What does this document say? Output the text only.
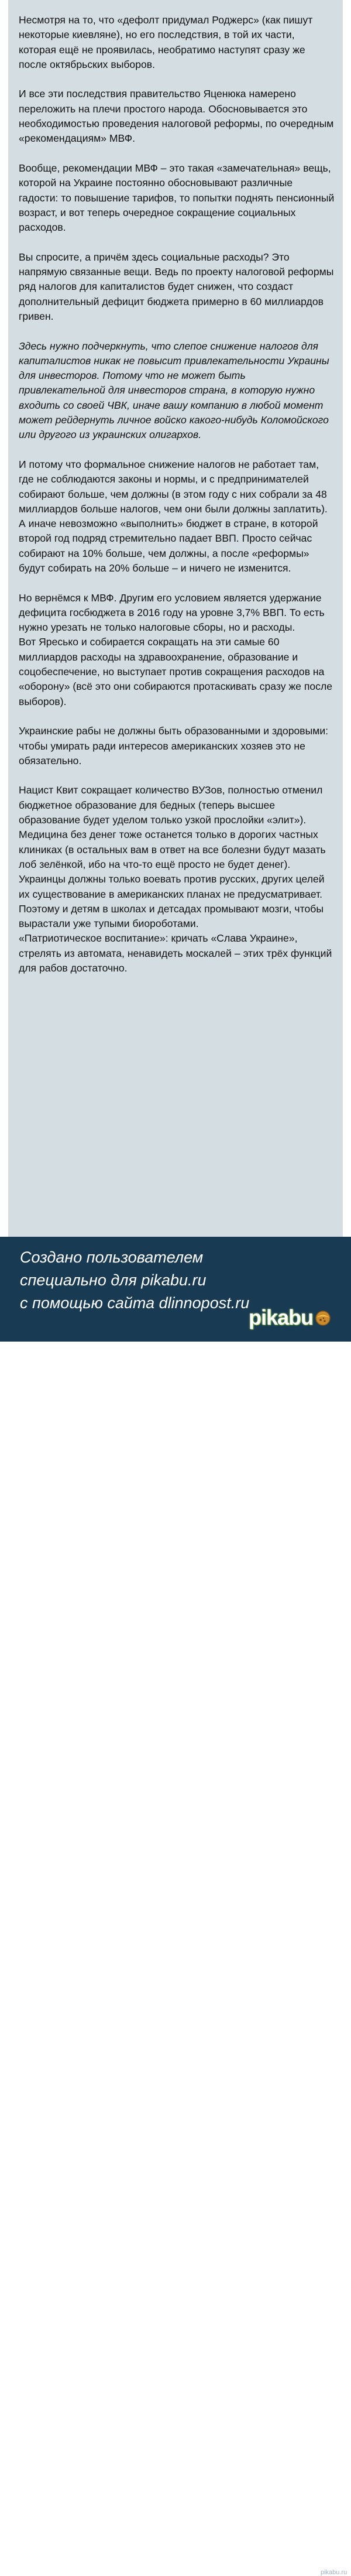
Несмотря на то, что «дефолт придумал Роджерс» (как пишут некоторые киевляне), но его последствия, в той их части, которая ещё не проявилась, необратимо наступят сразу же после октябрьских выборов.

И все эти последствия правительство Яценюка намерено переложить на плечи простого народа. Обосновывается это необходимостью проведения налоговой реформы, по очередным «рекомендациям» МВФ.

Вообще, рекомендации МВФ – это такая «замечательная» вещь, которой на Украине постоянно обосновывают различные гадости: то повышение тарифов, то попытки поднять пенсионный возраст, и вот теперь очередное сокращение социальных расходов.

Вы спросите, а причём здесь социальные расходы? Это напрямую связанные вещи. Ведь по проекту налоговой реформы ряд налогов для капиталистов будет снижен, что создаст дополнительный дефицит бюджета примерно в 60 миллиардов гривен.

Здесь нужно подчеркнуть, что слепое снижение налогов для капиталистов никак не повысит привлекательности Украины для инвесторов. Потому что не может быть привлекательной для инвесторов страна, в которую нужно входить со своей ЧВК, иначе вашу компанию в любой момент может рейдернуть личное войско какого-нибудь Коломойского или другого из украинских олигархов.

И потому что формальное снижение налогов не работает там, где не соблюдаются законы и нормы, и с предпринимателей собирают больше, чем должны (в этом году с них собрали за 48 миллиардов больше налогов, чем они были должны заплатить). А иначе невозможно «выполнить» бюджет в стране, в которой второй год подряд стремительно падает ВВП. Просто сейчас собирают на 10% больше, чем должны, а после «реформы» будут собирать на 20% больше – и ничего не изменится.

Но вернёмся к МВФ. Другим его условием является удержание дефицита госбюджета в 2016 году на уровне 3,7% ВВП. То есть нужно урезать не только налоговые сборы, но и расходы.
Вот Яресько и собирается сокращать на эти самые 60 миллиардов расходы на здравоохранение, образование и соцобеспечение, но выступает против сокращения расходов на «оборону» (всё это они собираются протаскивать сразу же после выборов).

Украинские рабы не должны быть образованными и здоровыми: чтобы умирать ради интересов американских хозяев это не обязательно.

Нацист Квит сокращает количество ВУЗов, полностью отменил бюджетное образование для бедных (теперь высшее образование будет уделом только узкой прослойки «элит»). Медицина без денег тоже останется только в дорогих частных клиниках (в остальных вам в ответ на все болезни будут мазать лоб зелёнкой, ибо на что-то ещё просто не будет денег).
Украинцы должны только воевать против русских, других целей их существование в американских планах не предусматривает. Поэтому и детям в школах и детсадах промывают мозги, чтобы вырастали уже тупыми биороботами.
«Патриотическое воспитание»: кричать «Слава Украине», стрелять из автомата, ненавидеть москалей – этих трёх функций для рабов достаточно.

Создано пользователем
специально для pikabu.ru
с помощью сайта dlinnopost.ru
pikabu
pikabu.ru
